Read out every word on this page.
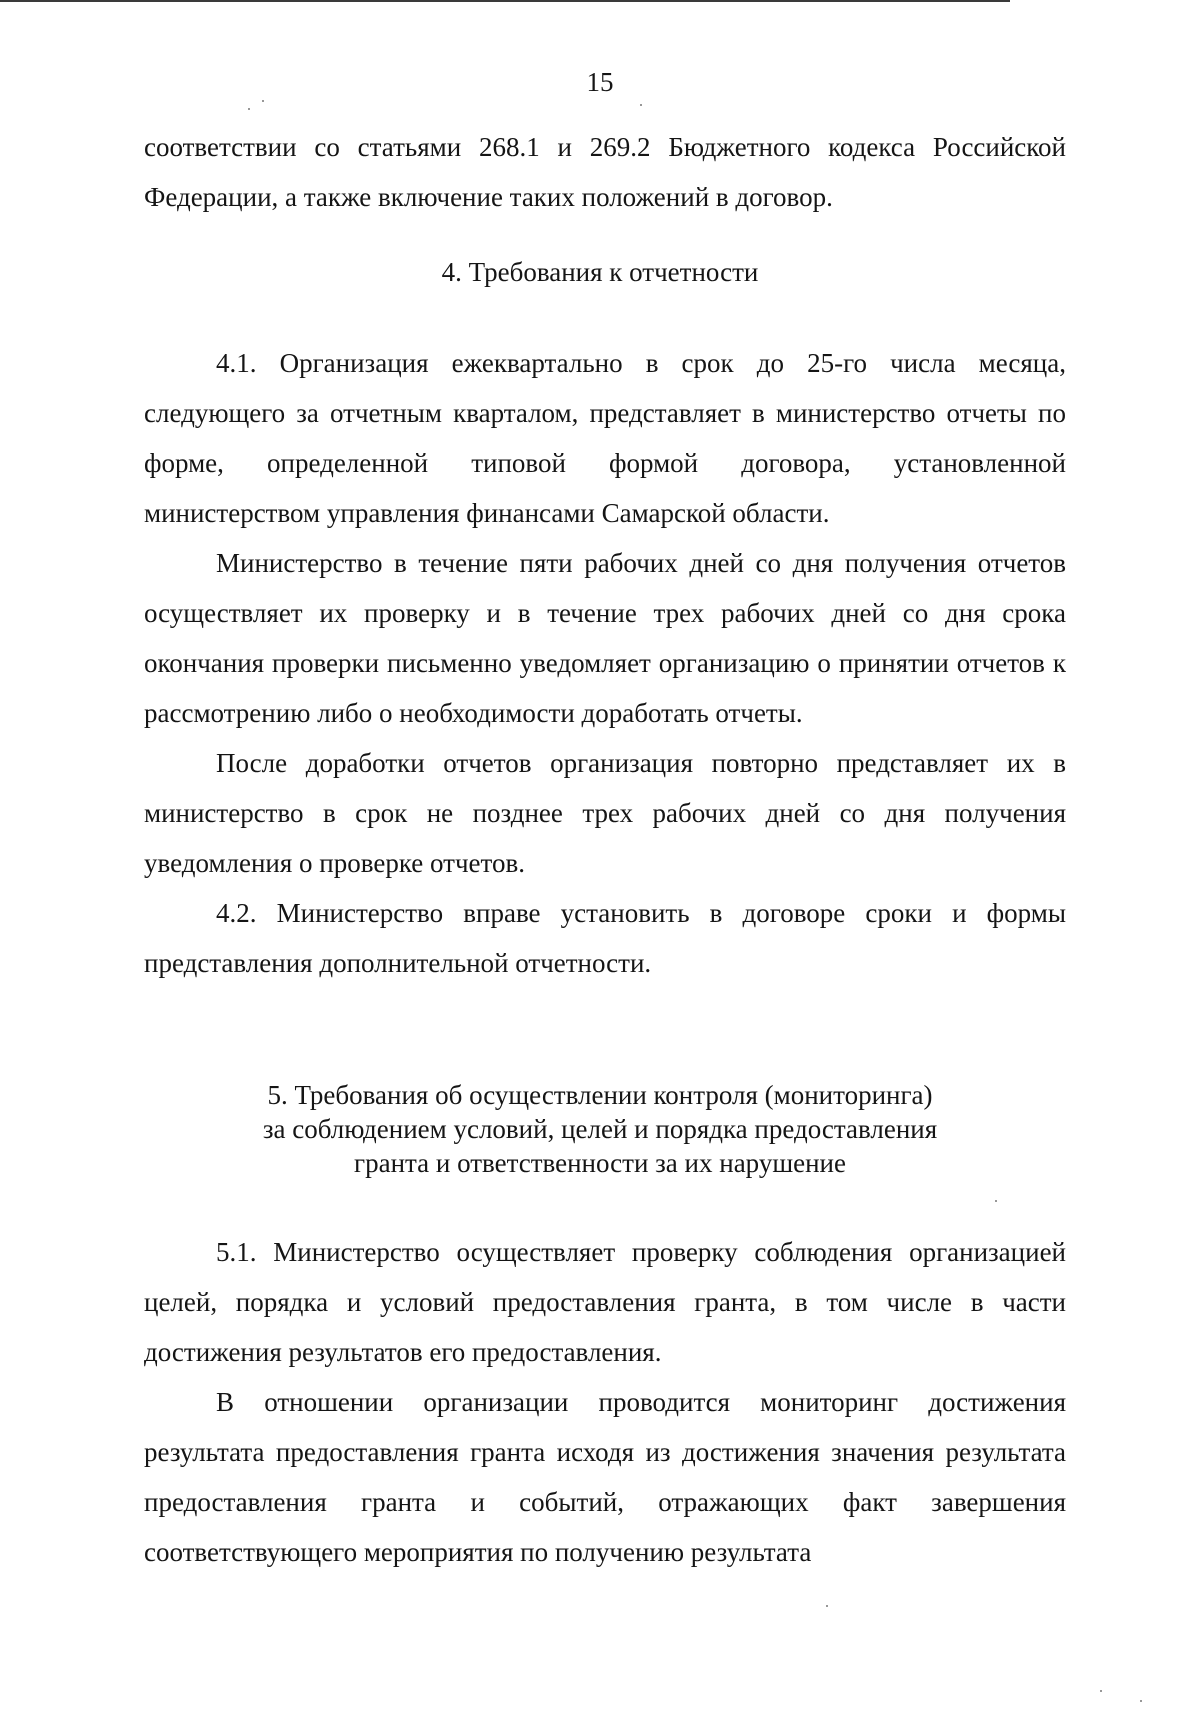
15

соответствии со статьями 268.1 и 269.2 Бюджетного кодекса Российской Федерации, а также включение таких положений в договор.

4. Требования к отчетности

4.1. Организация ежеквартально в срок до 25-го числа месяца, следующего за отчетным кварталом, представляет в министерство отчеты по форме, определенной типовой формой договора, установленной министерством управления финансами Самарской области.

Министерство в течение пяти рабочих дней со дня получения отчетов осуществляет их проверку и в течение трех рабочих дней со дня срока окончания проверки письменно уведомляет организацию о принятии отчетов к рассмотрению либо о необходимости доработать отчеты.

После доработки отчетов организация повторно представляет их в министерство в срок не позднее трех рабочих дней со дня получения уведомления о проверке отчетов.

4.2. Министерство вправе установить в договоре сроки и формы представления дополнительной отчетности.

5. Требования об осуществлении контроля (мониторинга)
за соблюдением условий, целей и порядка предоставления
гранта и ответственности за их нарушение

5.1. Министерство осуществляет проверку соблюдения организацией целей, порядка и условий предоставления гранта, в том числе в части достижения результатов его предоставления.

В отношении организации проводится мониторинг достижения результата предоставления гранта исходя из достижения значения результата предоставления гранта и событий, отражающих факт завершения соответствующего мероприятия по получению результата
